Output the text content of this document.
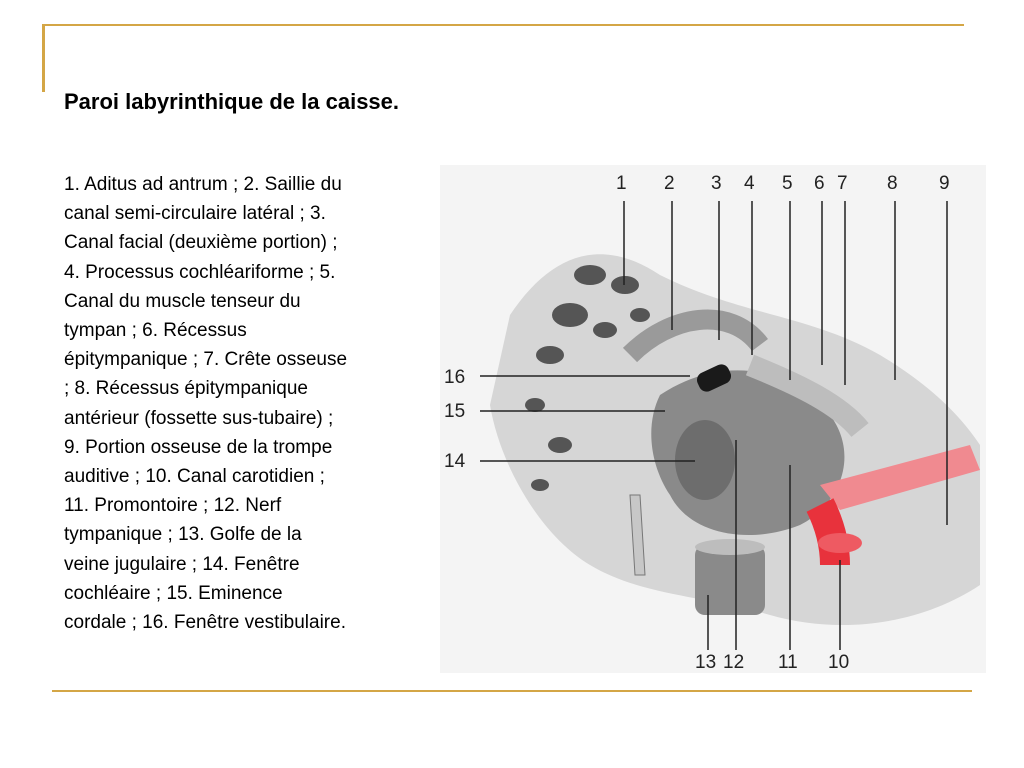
Paroi labyrinthique de la caisse.

1. Aditus ad antrum ; 2. Saillie du
canal semi-circulaire latéral ; 3.
Canal facial (deuxième portion) ;
4. Processus cochléariforme ; 5.
Canal du muscle tenseur du
tympan ; 6. Récessus
épitympanique ; 7. Crête osseuse
; 8. Récessus épitympanique
antérieur (fossette sus-tubaire) ;
9. Portion osseuse de la trompe
auditive ; 10. Canal carotidien ;
11. Promontoire ; 12. Nerf
tympanique ; 13. Golfe de la
veine jugulaire ; 14. Fenêtre
cochléaire ; 15. Eminence
cordale ; 16. Fenêtre vestibulaire.

1 2 3 4 5 6 7 8 9
16
15
14
13 12 11 10
